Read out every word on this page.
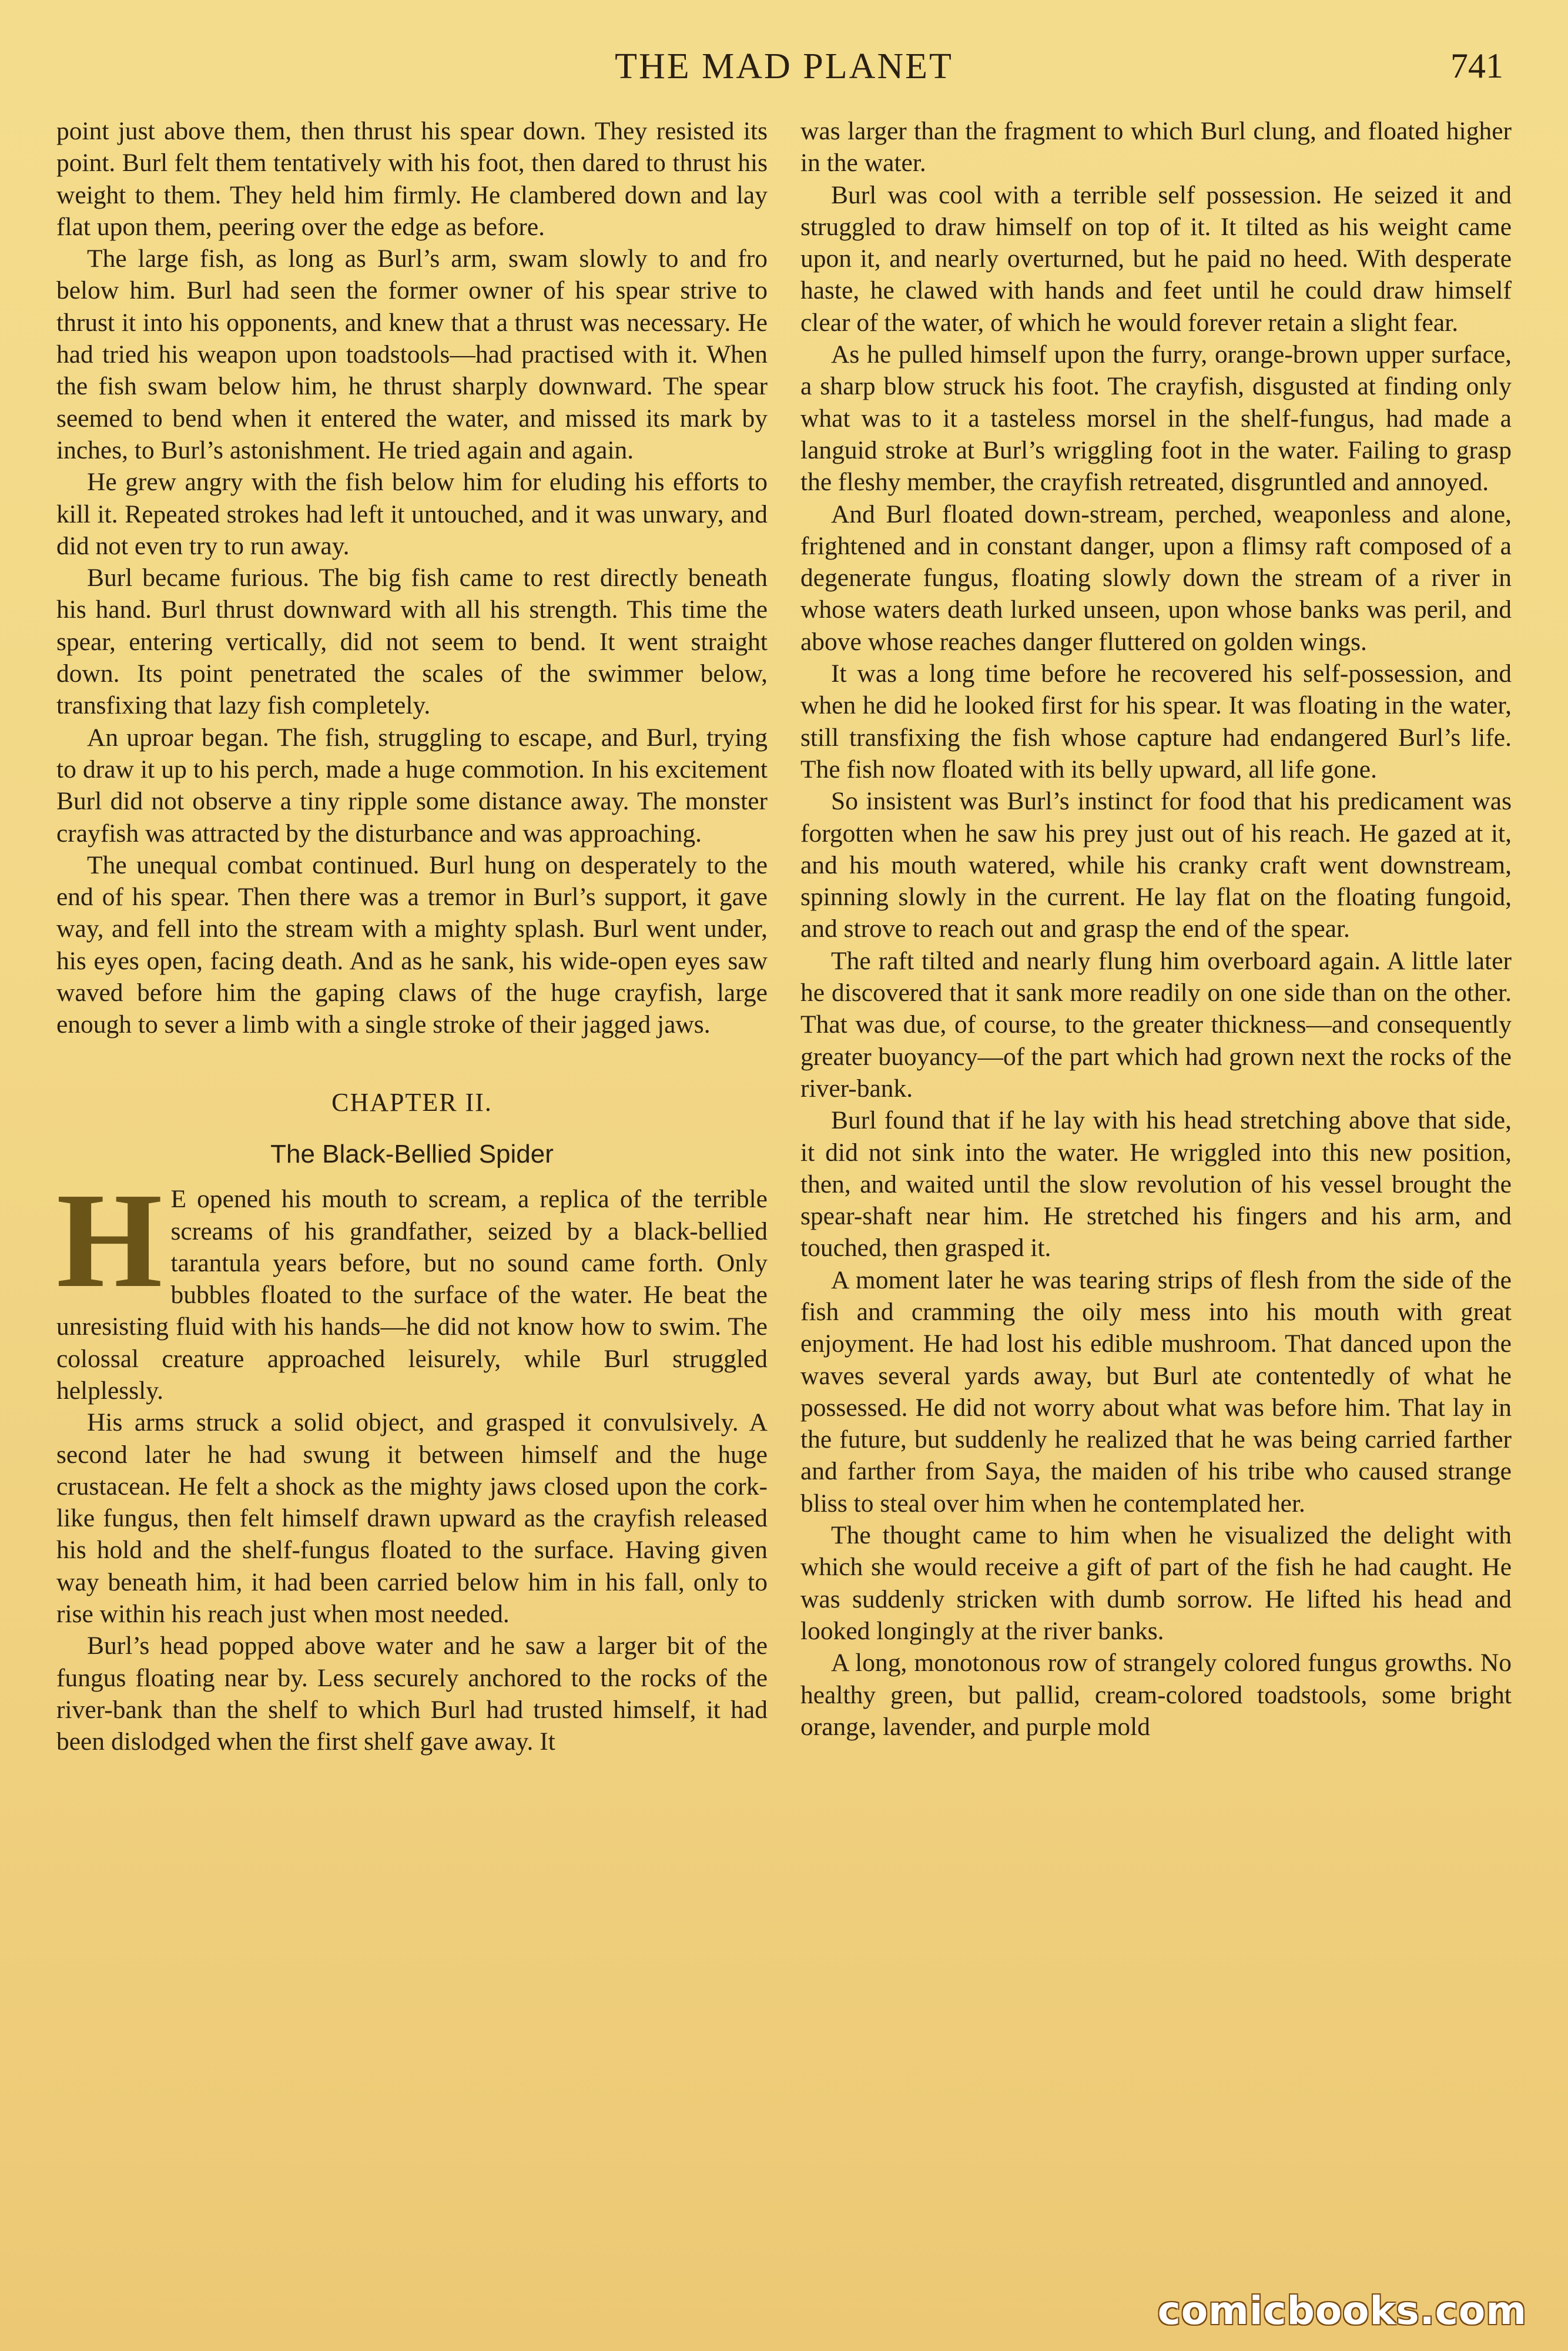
THE MAD PLANET	741

point just above them, then thrust his spear down. They resisted its point. Burl felt them tentatively with his foot, then dared to thrust his weight to them. They held him firmly. He clambered down and lay flat upon them, peering over the edge as before.

The large fish, as long as Burl’s arm, swam slowly to and fro below him. Burl had seen the former owner of his spear strive to thrust it into his opponents, and knew that a thrust was necessary. He had tried his weapon upon toadstools—had practised with it. When the fish swam below him, he thrust sharply downward. The spear seemed to bend when it entered the water, and missed its mark by inches, to Burl’s astonishment. He tried again and again.

He grew angry with the fish below him for eluding his efforts to kill it. Repeated strokes had left it untouched, and it was unwary, and did not even try to run away.

Burl became furious. The big fish came to rest directly beneath his hand. Burl thrust downward with all his strength. This time the spear, entering vertically, did not seem to bend. It went straight down. Its point penetrated the scales of the swimmer below, transfixing that lazy fish completely.

An uproar began. The fish, struggling to escape, and Burl, trying to draw it up to his perch, made a huge commotion. In his excitement Burl did not observe a tiny ripple some distance away. The monster crayfish was attracted by the disturbance and was approaching.

The unequal combat continued. Burl hung on desperately to the end of his spear. Then there was a tremor in Burl’s support, it gave way, and fell into the stream with a mighty splash. Burl went under, his eyes open, facing death. And as he sank, his wide-open eyes saw waved before him the gaping claws of the huge crayfish, large enough to sever a limb with a single stroke of their jagged jaws.

CHAPTER II.
The Black-Bellied Spider

H E opened his mouth to scream, a replica of the terrible screams of his grandfather, seized by a black-bellied tarantula years before, but no sound came forth. Only bubbles floated to the surface of the water. He beat the unresisting fluid with his hands—he did not know how to swim. The colossal creature approached leisurely, while Burl struggled helplessly.

His arms struck a solid object, and grasped it convulsively. A second later he had swung it between himself and the huge crustacean. He felt a shock as the mighty jaws closed upon the cork-like fungus, then felt himself drawn upward as the crayfish released his hold and the shelf-fungus floated to the surface. Having given way beneath him, it had been carried below him in his fall, only to rise within his reach just when most needed.

Burl’s head popped above water and he saw a larger bit of the fungus floating near by. Less securely anchored to the rocks of the river-bank than the shelf to which Burl had trusted himself, it had been dislodged when the first shelf gave away. It

was larger than the fragment to which Burl clung, and floated higher in the water.

Burl was cool with a terrible self possession. He seized it and struggled to draw himself on top of it. It tilted as his weight came upon it, and nearly overturned, but he paid no heed. With desperate haste, he clawed with hands and feet until he could draw himself clear of the water, of which he would forever retain a slight fear.

As he pulled himself upon the furry, orange-brown upper surface, a sharp blow struck his foot. The crayfish, disgusted at finding only what was to it a tasteless morsel in the shelf-fungus, had made a languid stroke at Burl’s wriggling foot in the water. Failing to grasp the fleshy member, the crayfish retreated, disgruntled and annoyed.

And Burl floated down-stream, perched, weaponless and alone, frightened and in constant danger, upon a flimsy raft composed of a degenerate fungus, floating slowly down the stream of a river in whose waters death lurked unseen, upon whose banks was peril, and above whose reaches danger fluttered on golden wings.

It was a long time before he recovered his self-possession, and when he did he looked first for his spear. It was floating in the water, still transfixing the fish whose capture had endangered Burl’s life. The fish now floated with its belly upward, all life gone.

So insistent was Burl’s instinct for food that his predicament was forgotten when he saw his prey just out of his reach. He gazed at it, and his mouth watered, while his cranky craft went downstream, spinning slowly in the current. He lay flat on the floating fungoid, and strove to reach out and grasp the end of the spear.

The raft tilted and nearly flung him overboard again. A little later he discovered that it sank more readily on one side than on the other. That was due, of course, to the greater thickness—and consequently greater buoyancy—of the part which had grown next the rocks of the river-bank.

Burl found that if he lay with his head stretching above that side, it did not sink into the water. He wriggled into this new position, then, and waited until the slow revolution of his vessel brought the spear-shaft near him. He stretched his fingers and his arm, and touched, then grasped it.

A moment later he was tearing strips of flesh from the side of the fish and cramming the oily mess into his mouth with great enjoyment. He had lost his edible mushroom. That danced upon the waves several yards away, but Burl ate contentedly of what he possessed. He did not worry about what was before him. That lay in the future, but suddenly he realized that he was being carried farther and farther from Saya, the maiden of his tribe who caused strange bliss to steal over him when he contemplated her.

The thought came to him when he visualized the delight with which she would receive a gift of part of the fish he had caught. He was suddenly stricken with dumb sorrow. He lifted his head and looked longingly at the river banks.

A long, monotonous row of strangely colored fungus growths. No healthy green, but pallid, cream-colored toadstools, some bright orange, lavender, and purple mold

comicbooks.com
